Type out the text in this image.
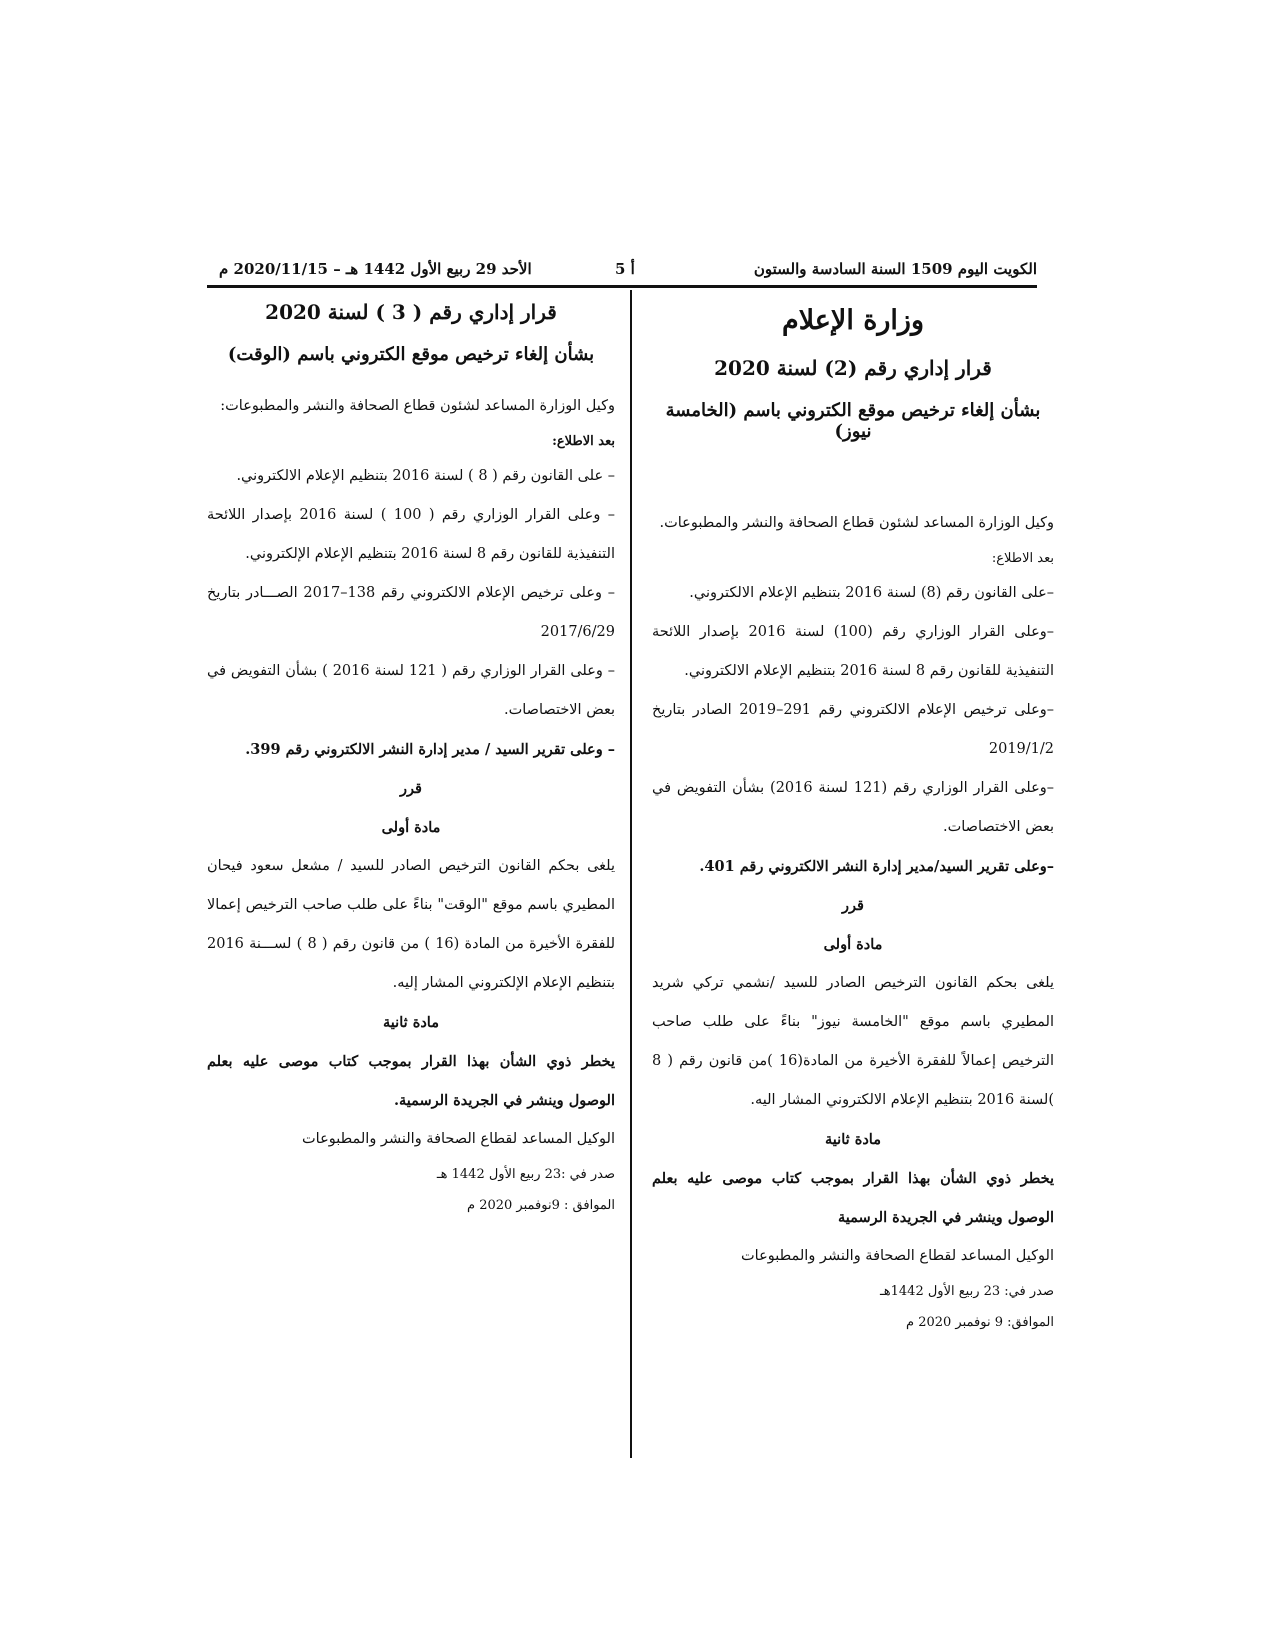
الكويت اليوم 1509 السنة السادسة والستون
أ 5
الأحد 29 ربيع الأول 1442 هـ – 2020/11/15 م
وزارة الإعلام
قرار إداري رقم (2) لسنة 2020
بشأن إلغاء ترخيص موقع الكتروني باسم (الخامسة نيوز)

وكيل الوزارة المساعد لشئون قطاع الصحافة والنشر والمطبوعات.

بعد الاطلاع:

–على القانون رقم (8) لسنة 2016 بتنظيم الإعلام الالكتروني.

–وعلى القرار الوزاري رقم (100) لسنة 2016 بإصدار اللائحة التنفيذية للقانون رقم 8 لسنة 2016 بتنظيم الإعلام الالكتروني.

–وعلى ترخيص الإعلام الالكتروني رقم 291–2019 الصادر بتاريخ 2019/1/2

–وعلى القرار الوزاري رقم (121 لسنة 2016) بشأن التفويض في بعض الاختصاصات.

–وعلى تقرير السيد/مدير إدارة النشر الالكتروني رقم 401.

قرر

مادة أولى

يلغى بحكم القانون الترخيص الصادر للسيد /نشمي تركي شريد المطيري باسم موقع "الخامسة نيوز" بناءً على طلب صاحب الترخيص إعمالاً للفقرة الأخيرة من المادة(16 )من قانون رقم ( 8 )لسنة 2016 بتنظيم الإعلام الالكتروني المشار اليه.

مادة ثانية

يخطر ذوي الشأن بهذا القرار بموجب كتاب موصى عليه بعلم الوصول وينشر في الجريدة الرسمية

الوكيل المساعد لقطاع الصحافة والنشر والمطبوعات

صدر في: 23 ربيع الأول 1442هـ

الموافق: 9 نوفمبر 2020 م

قرار إداري رقم ( 3 ) لسنة 2020
بشأن إلغاء ترخيص موقع الكتروني باسم (الوقت)

وكيل الوزارة المساعد لشئون قطاع الصحافة والنشر والمطبوعات:

بعد الاطلاع:

– على القانون رقم ( 8 ) لسنة 2016 بتنظيم الإعلام الالكتروني.

– وعلى القرار الوزاري رقم ( 100 ) لسنة 2016 بإصدار اللائحة التنفيذية للقانون رقم 8 لسنة 2016 بتنظيم الإعلام الإلكتروني.

– وعلى ترخيص الإعلام الالكتروني رقم 138–2017 الصـــادر بتاريخ 2017/6/29

– وعلى القرار الوزاري رقم ( 121 لسنة 2016 ) بشأن التفويض في بعض الاختصاصات.

– وعلى تقرير السيد / مدير إدارة النشر الالكتروني رقم 399.

قرر

مادة أولى

يلغى بحكم القانون الترخيص الصادر للسيد / مشعل سعود فيحان المطيري باسم موقع "الوقت" بناءً على طلب صاحب الترخيص إعمالا للفقرة الأخيرة من المادة (16 ) من قانون رقم ( 8 ) لســـنة 2016 بتنظيم الإعلام الإلكتروني المشار إليه.

مادة ثانية

يخطر ذوي الشأن بهذا القرار بموجب كتاب موصى عليه بعلم الوصول وينشر في الجريدة الرسمية.

الوكيل المساعد لقطاع الصحافة والنشر والمطبوعات

صدر في :23 ربيع الأول 1442 هـ

الموافق : 9نوفمبر 2020 م
